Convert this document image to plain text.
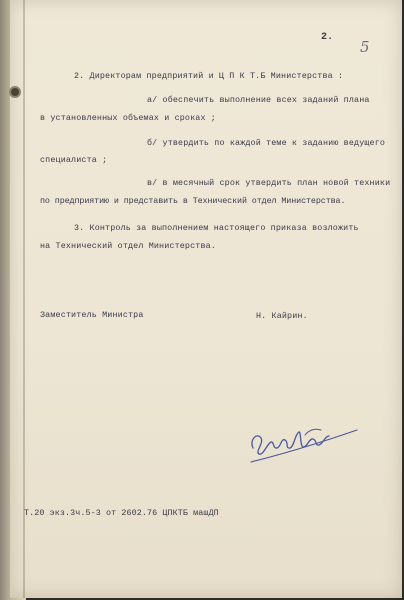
2.
5
2. Директорам предприятий и Ц П К Т.Б Министерства :
а/ обеспечить выполнение всех заданий плана
в установленных объемах и сроках ;
б/ утвердить по каждой теме к заданию ведущего
специалиста ;
в/ в месячный срок утвердить план новой техники
по предприятию и представить в Технический отдел Министерства.
3. Контроль за выполнением настоящего приказа возложить
на Технический отдел Министерства.
Заместитель Министра	Н. Кайрин.
Т.20 экз.3ч.5-3 от 2602.76 ЦПКТБ машДП
